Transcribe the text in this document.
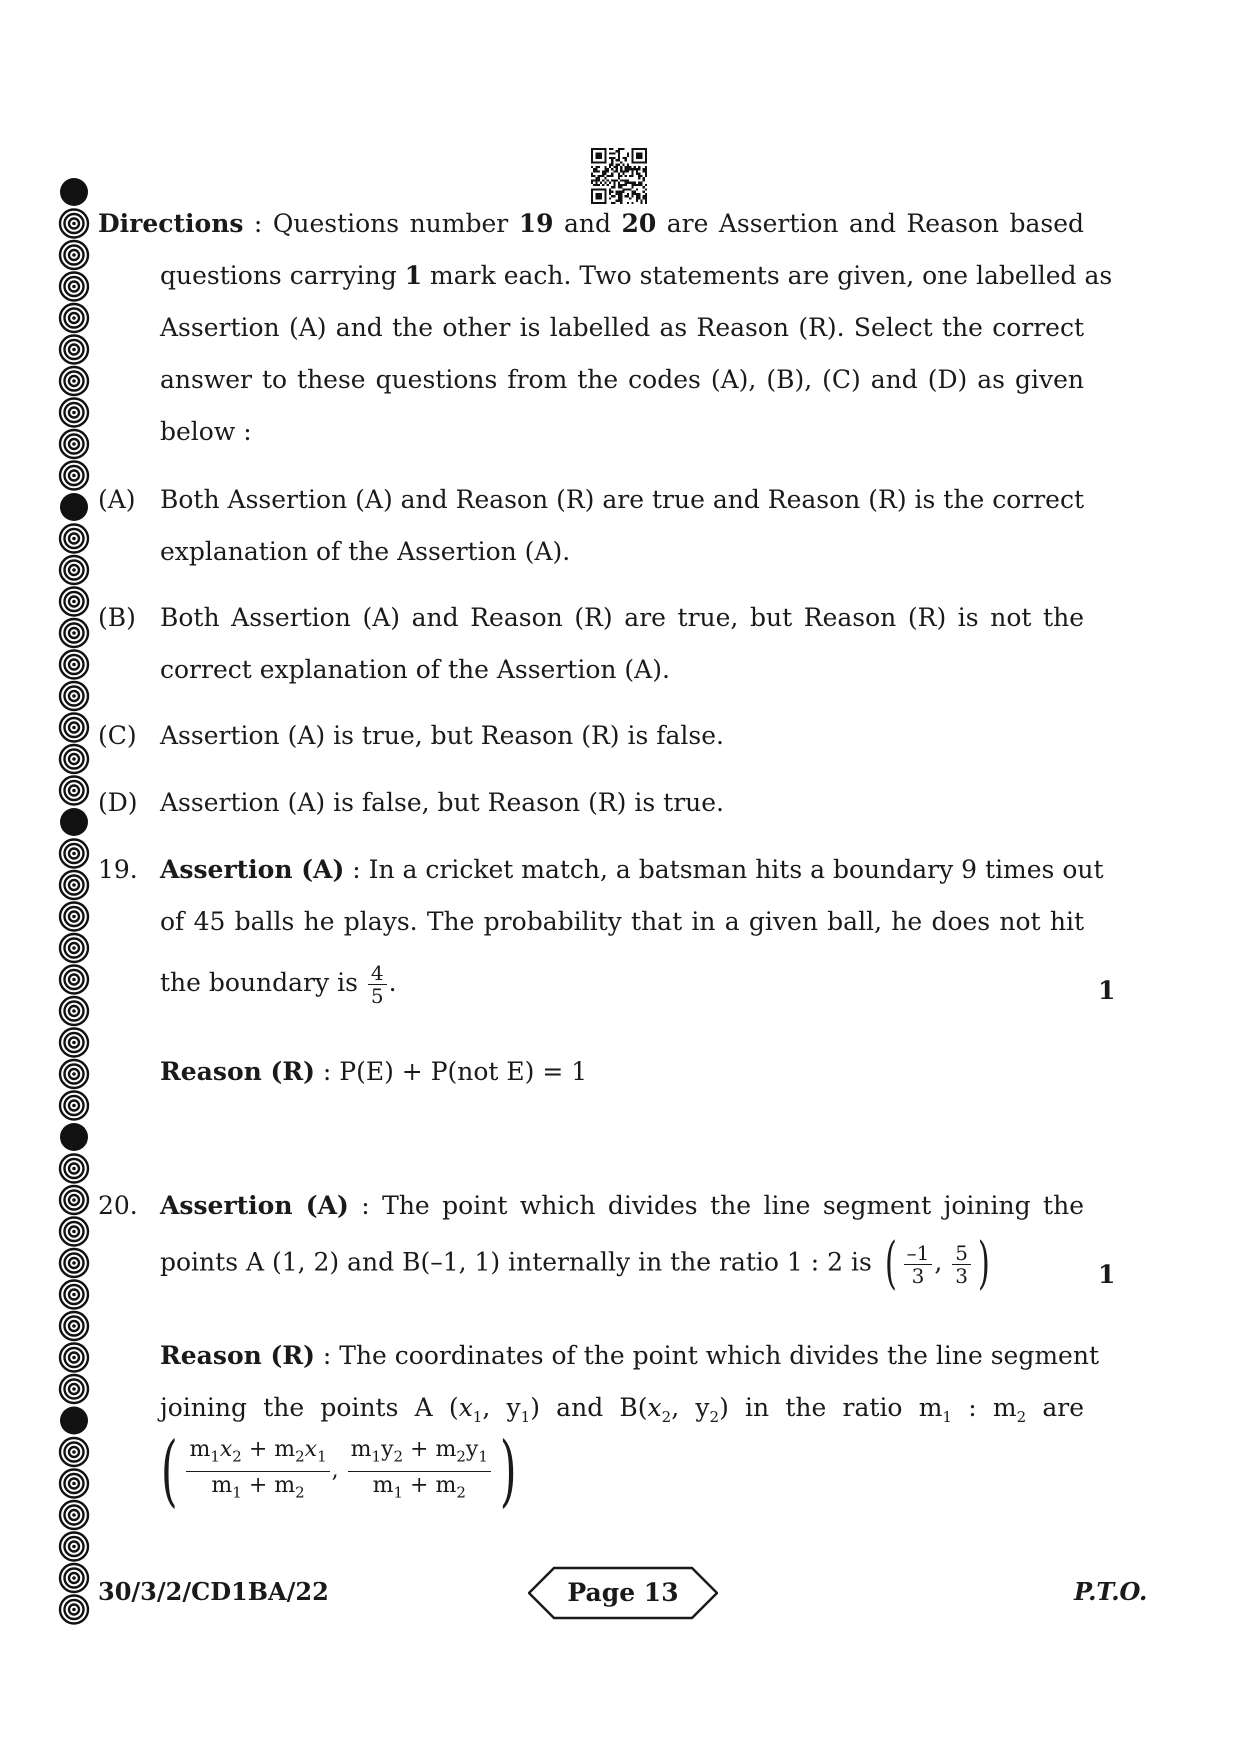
Directions : Questions number 19 and 20 are Assertion and Reason based
questions carrying 1 mark each. Two statements are given, one labelled as
Assertion (A) and the other is labelled as Reason (R). Select the correct
answer to these questions from the codes (A), (B), (C) and (D) as given
below :
(A) Both Assertion (A) and Reason (R) are true and Reason (R) is the correct
explanation of the Assertion (A).
(B) Both Assertion (A) and Reason (R) are true, but Reason (R) is not the
correct explanation of the Assertion (A).
(C) Assertion (A) is true, but Reason (R) is false.
(D) Assertion (A) is false, but Reason (R) is true.
19. Assertion (A) : In a cricket match, a batsman hits a boundary 9 times out
of 45 balls he plays. The probability that in a given ball, he does not hit
the boundary is $\frac{4}{5}$ .	1
Reason (R) : P(E) + P(not E) = 1
20. Assertion (A) : The point which divides the line segment joining the
points A (1, 2) and B(–1, 1) internally in the ratio 1 : 2 is ( $\frac{-1}{3}$ , $\frac{5}{3}$ )	1
Reason (R) : The coordinates of the point which divides the line segment
joining the points A ($x_1$, $y_1$) and $B(x_2$, $y_2$) in the ratio $m_1$ : $m_2$ are
( $\frac{m_1x_2 + m_2x_1}{m_1 + m_2}$ , $\frac{m_1y_2 + m_2y_1}{m_1 + m_2}$ )
30/3/2/CD1BA/22	Page 13	P.T.O.
